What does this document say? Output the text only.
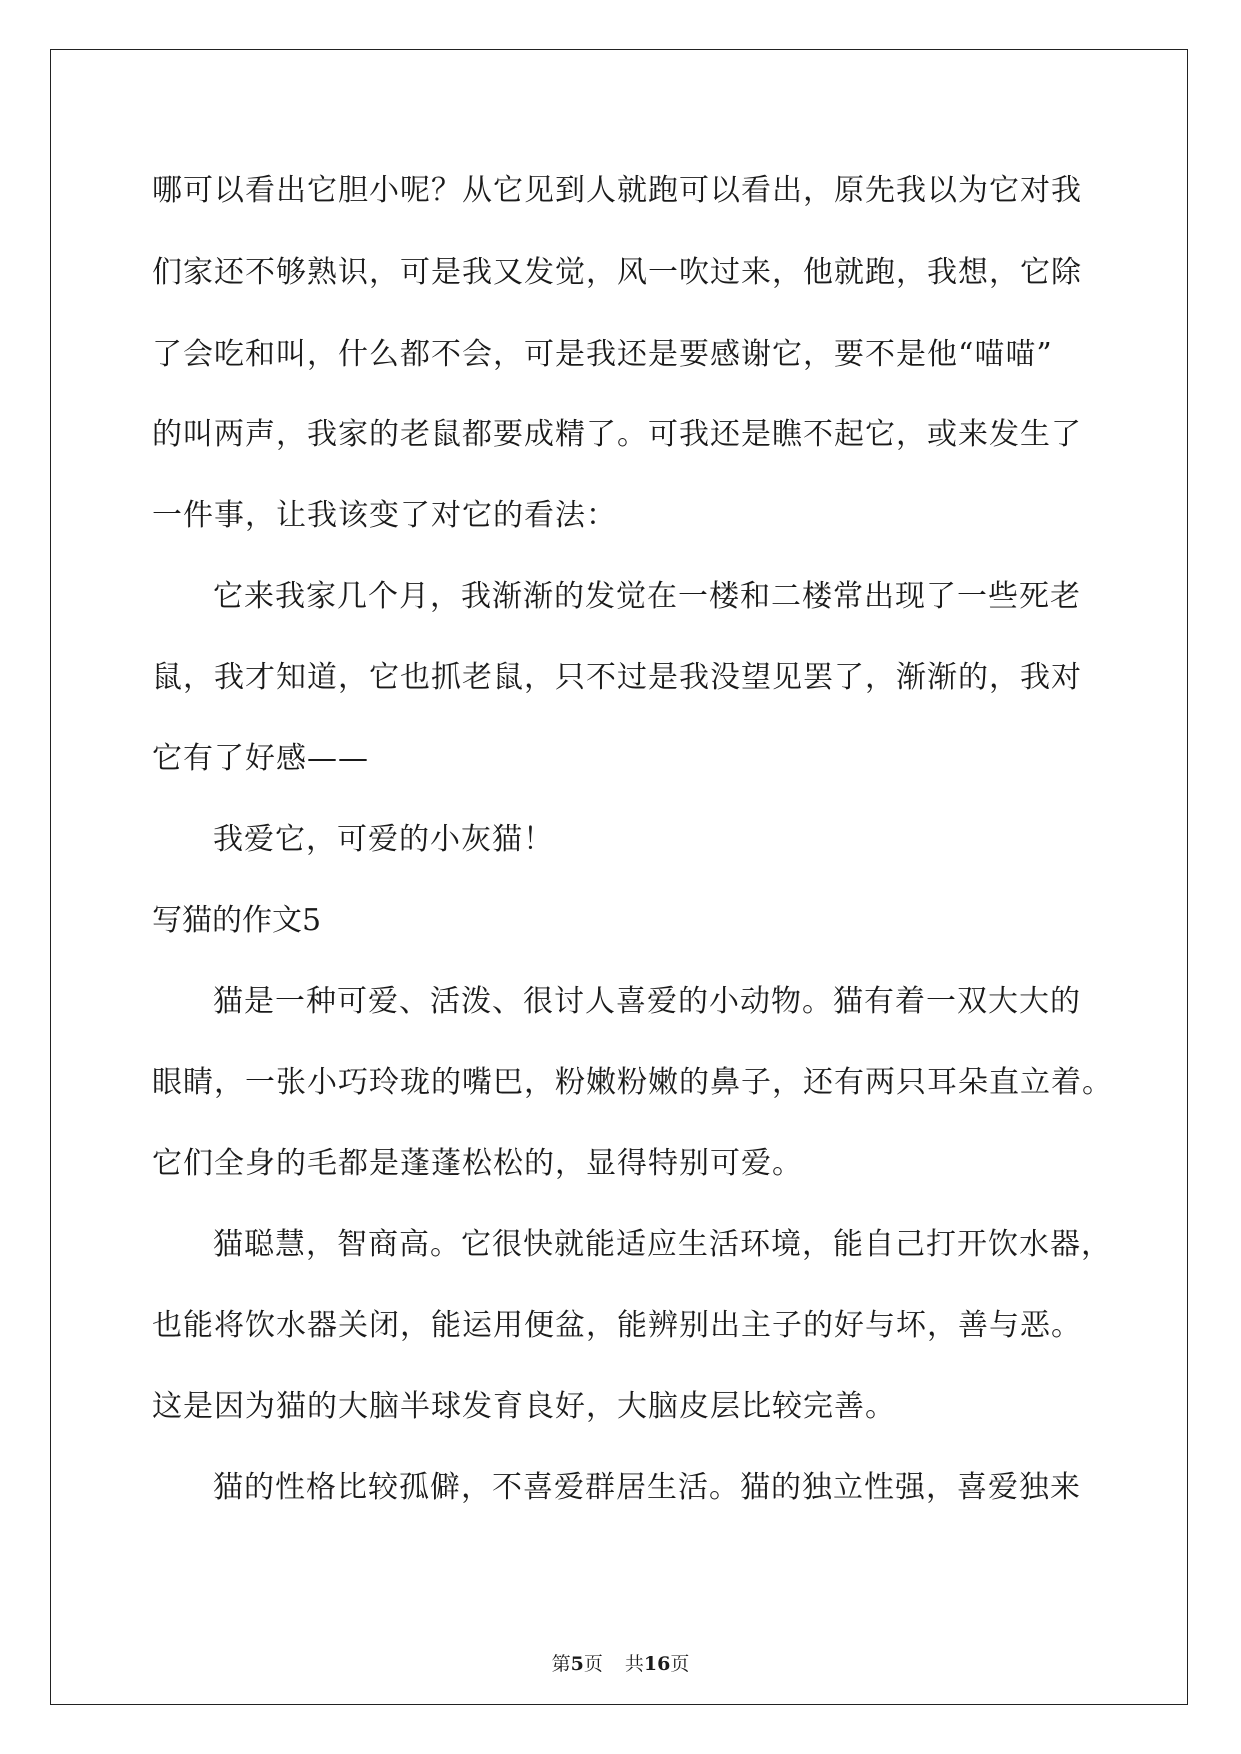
哪可以看出它胆小呢？从它见到人就跑可以看出，原先我以为它对我
们家还不够熟识，可是我又发觉，风一吹过来，他就跑，我想，它除
了会吃和叫，什么都不会，可是我还是要感谢它，要不是他“喵喵”
的叫两声，我家的老鼠都要成精了。可我还是瞧不起它，或来发生了
一件事，让我该变了对它的看法：
它来我家几个月，我渐渐的发觉在一楼和二楼常出现了一些死老
鼠，我才知道，它也抓老鼠，只不过是我没望见罢了，渐渐的，我对
它有了好感——
我爱它，可爱的小灰猫！
写猫的作文5
猫是一种可爱、活泼、很讨人喜爱的小动物。猫有着一双大大的
眼睛，一张小巧玲珑的嘴巴，粉嫩粉嫩的鼻子，还有两只耳朵直立着。
它们全身的毛都是蓬蓬松松的，显得特别可爱。
猫聪慧，智商高。它很快就能适应生活环境，能自己打开饮水器，
也能将饮水器关闭，能运用便盆，能辨别出主子的好与坏，善与恶。
这是因为猫的大脑半球发育良好，大脑皮层比较完善。
猫的性格比较孤僻，不喜爱群居生活。猫的独立性强，喜爱独来
第5页 共16页
